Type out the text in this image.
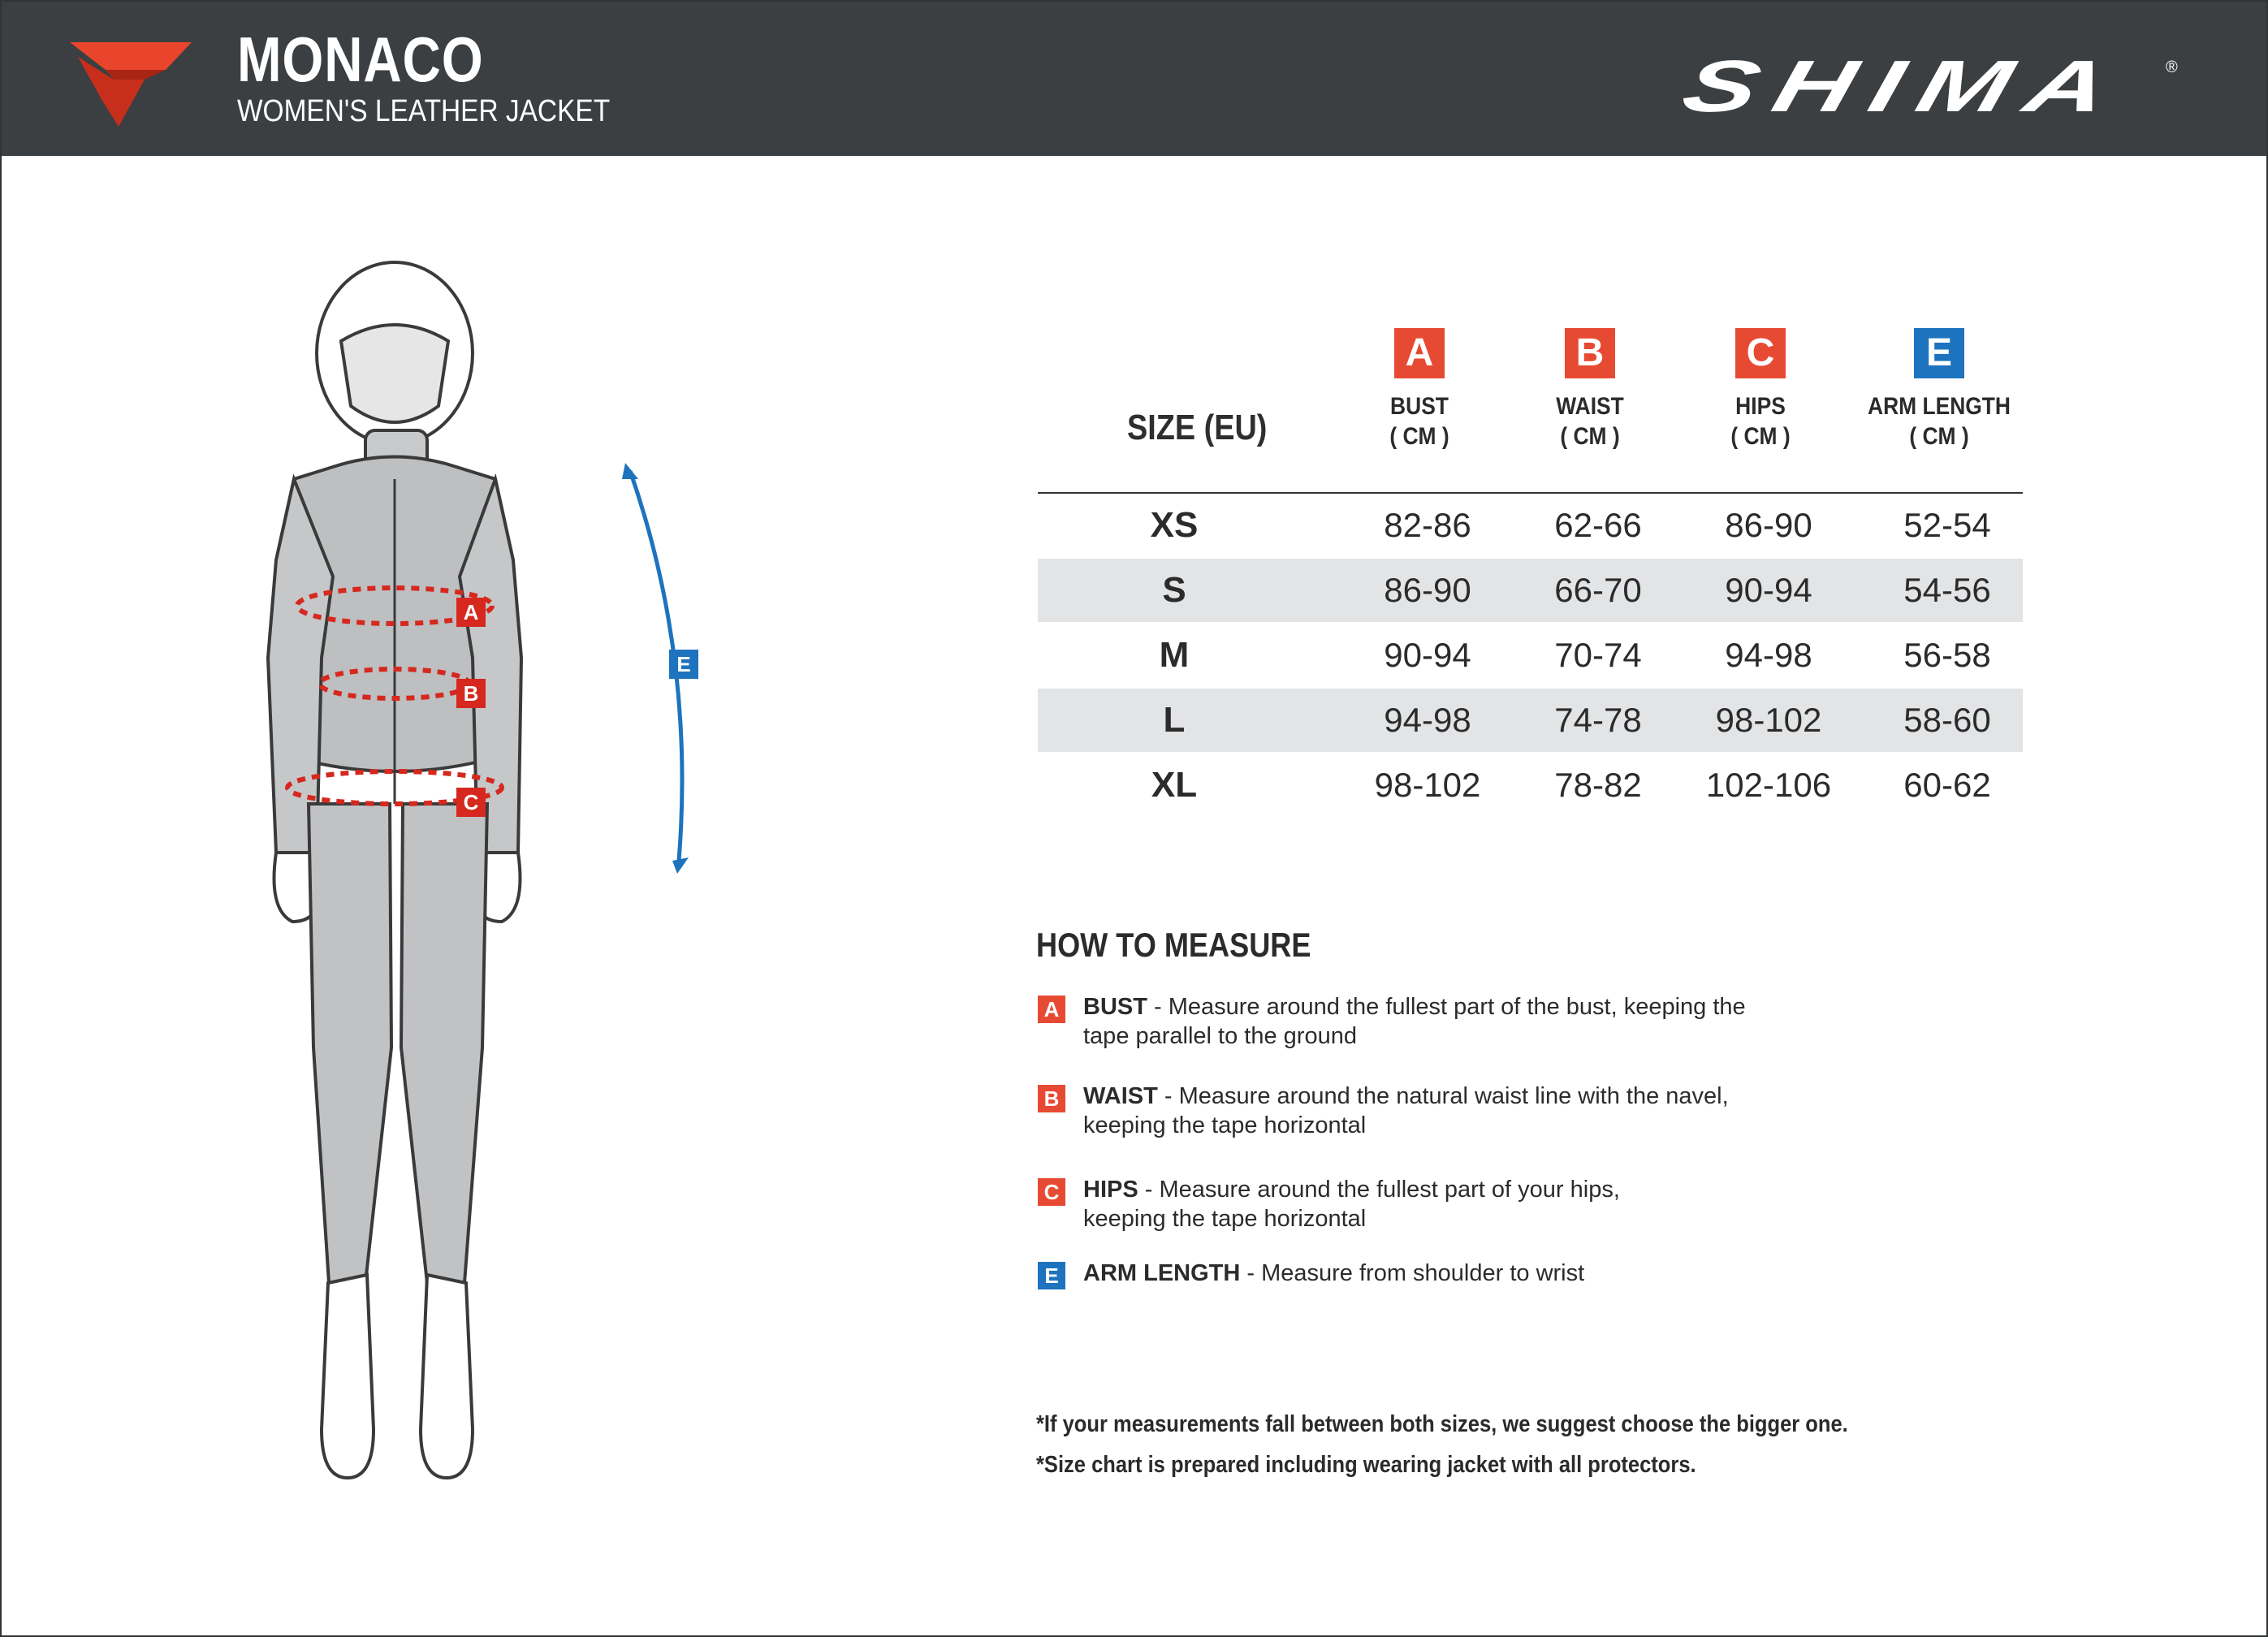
MONACO
WOMEN'S LEATHER JACKET	SHIMA ®
A
B
C
E
SIZE (EU)
A
BUST
( CM )
B
WAIST
( CM )
C
HIPS
( CM )
E
ARM LENGTH
( CM )
XS	82-86	62-66	86-90	52-54
S	86-90	66-70	90-94	54-56
M	90-94	70-74	94-98	56-58
L	94-98	74-78	98-102	58-60
XL	98-102	78-82	102-106	60-62
HOW TO MEASURE
A BUST - Measure around the fullest part of the bust, keeping the
tape parallel to the ground
B WAIST - Measure around the natural waist line with the navel,
keeping the tape horizontal
C HIPS - Measure around the fullest part of your hips,
keeping the tape horizontal
E ARM LENGTH - Measure from shoulder to wrist
*If your measurements fall between both sizes, we suggest choose the bigger one.
*Size chart is prepared including wearing jacket with all protectors.
